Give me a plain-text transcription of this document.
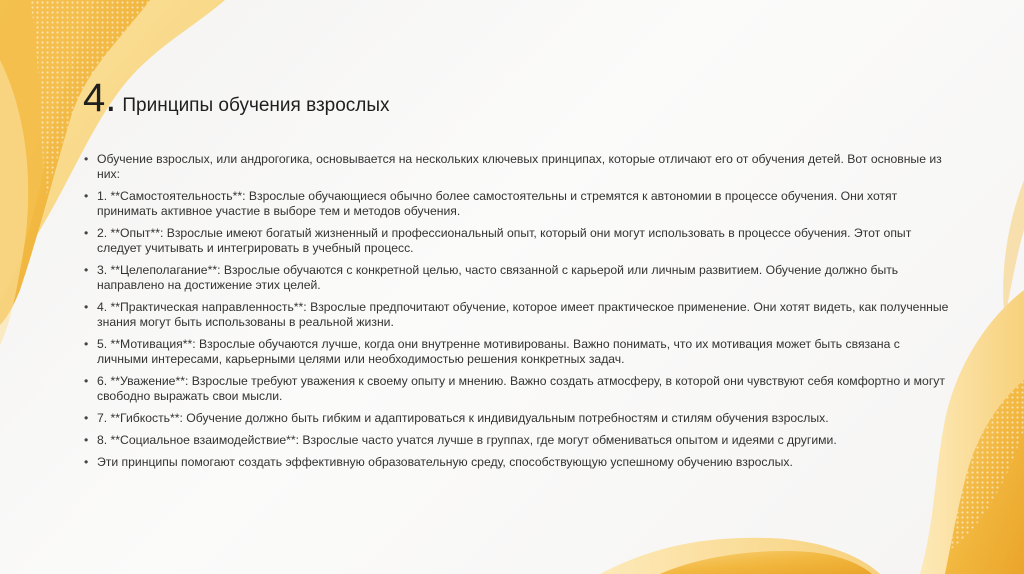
4. Принципы обучения взрослых
• Обучение взрослых, или андрогогика, основывается на нескольких ключевых принципах, которые отличают его от обучения детей. Вот основные из них:
• 1. **Самостоятельность**: Взрослые обучающиеся обычно более самостоятельны и стремятся к автономии в процессе обучения. Они хотят принимать активное участие в выборе тем и методов обучения.
• 2. **Опыт**: Взрослые имеют богатый жизненный и профессиональный опыт, который они могут использовать в процессе обучения. Этот опыт следует учитывать и интегрировать в учебный процесс.
• 3. **Целеполагание**: Взрослые обучаются с конкретной целью, часто связанной с карьерой или личным развитием. Обучение должно быть направлено на достижение этих целей.
• 4. **Практическая направленность**: Взрослые предпочитают обучение, которое имеет практическое применение. Они хотят видеть, как полученные знания могут быть использованы в реальной жизни.
• 5. **Мотивация**: Взрослые обучаются лучше, когда они внутренне мотивированы. Важно понимать, что их мотивация может быть связана с личными интересами, карьерными целями или необходимостью решения конкретных задач.
• 6. **Уважение**: Взрослые требуют уважения к своему опыту и мнению. Важно создать атмосферу, в которой они чувствуют себя комфортно и могут свободно выражать свои мысли.
• 7. **Гибкость**: Обучение должно быть гибким и адаптироваться к индивидуальным потребностям и стилям обучения взрослых.
• 8. **Социальное взаимодействие**: Взрослые часто учатся лучше в группах, где могут обмениваться опытом и идеями с другими.
• Эти принципы помогают создать эффективную образовательную среду, способствующую успешному обучению взрослых.
